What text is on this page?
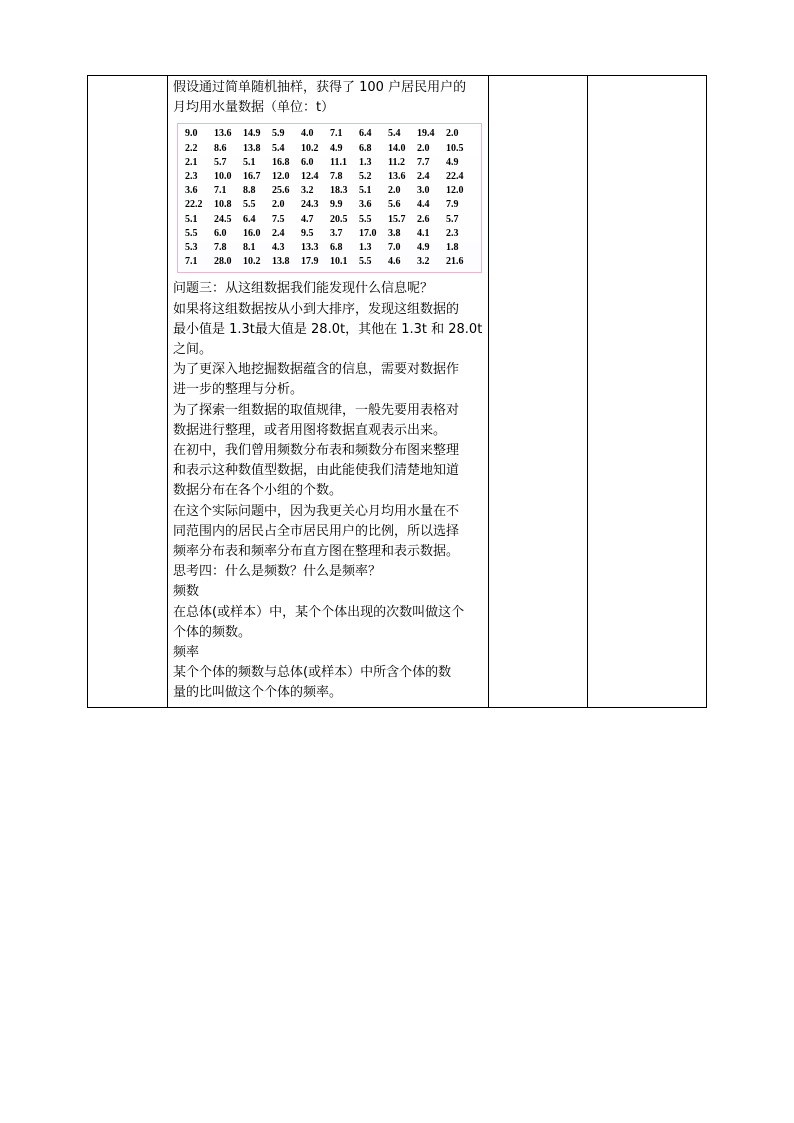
假设通过简单随机抽样，获得了 100 户居民用户的

月均用水量数据（单位：t）

9.0	13.6	14.9	5.9	4.0	7.1	6.4	5.4	19.4	2.0
2.2	8.6	13.8	5.4	10.2	4.9	6.8	14.0	2.0	10.5
2.1	5.7	5.1	16.8	6.0	11.1	1.3	11.2	7.7	4.9
2.3	10.0	16.7	12.0	12.4	7.8	5.2	13.6	2.4	22.4
3.6	7.1	8.8	25.6	3.2	18.3	5.1	2.0	3.0	12.0
22.2	10.8	5.5	2.0	24.3	9.9	3.6	5.6	4.4	7.9
5.1	24.5	6.4	7.5	4.7	20.5	5.5	15.7	2.6	5.7
5.5	6.0	16.0	2.4	9.5	3.7	17.0	3.8	4.1	2.3
5.3	7.8	8.1	4.3	13.3	6.8	1.3	7.0	4.9	1.8
7.1	28.0	10.2	13.8	17.9	10.1	5.5	4.6	3.2	21.6

问题三：从这组数据我们能发现什么信息呢？

如果将这组数据按从小到大排序，发现这组数据的

最小值是 1.3t最大值是 28.0t，其他在 1.3t 和 28.0t

之间。

为了更深入地挖掘数据蕴含的信息，需要对数据作

进一步的整理与分析。

为了探索一组数据的取值规律，一般先要用表格对

数据进行整理，或者用图将数据直观表示出来。

在初中，我们曾用频数分布表和频数分布图来整理

和表示这种数值型数据，由此能使我们清楚地知道

数据分布在各个小组的个数。

在这个实际问题中，因为我更关心月均用水量在不

同范围内的居民占全市居民用户的比例，所以选择

频率分布表和频率分布直方图在整理和表示数据。

思考四：什么是频数？什么是频率？

频数

在总体(或样本）中，某个个体出现的次数叫做这个

个体的频数。

频率

某个个体的频数与总体(或样本）中所含个体的数

量的比叫做这个个体的频率。
